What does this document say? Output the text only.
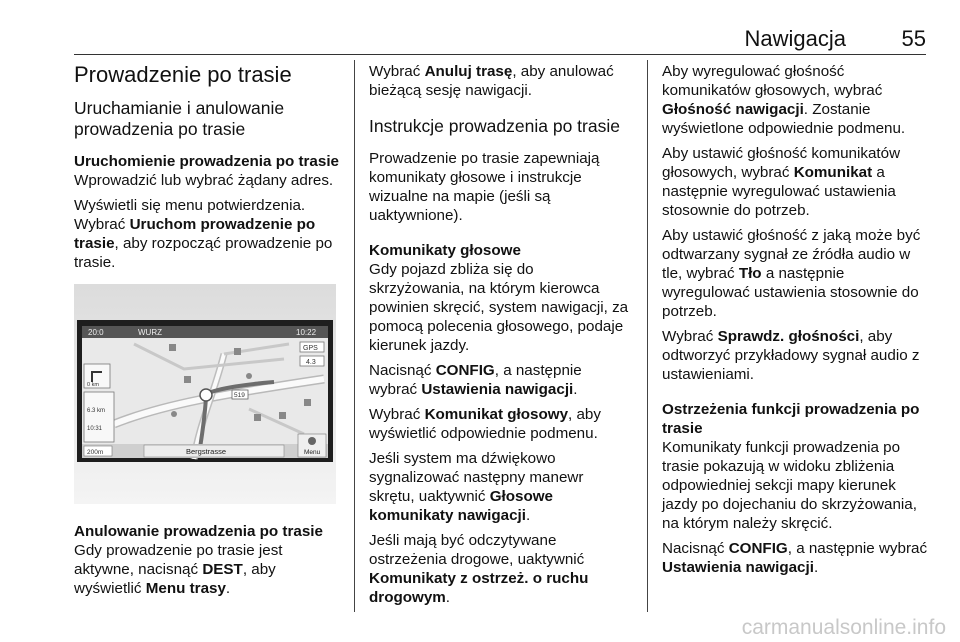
Nawigacja	55
Prowadzenie po trasie
Uruchamianie i anulowanie prowadzenia po trasie
Uruchomienie prowadzenia po trasie

Wprowadzić lub wybrać żądany adres.

Wyświetli się menu potwierdzenia. Wybrać Uruchom prowadzenie po trasie, aby rozpocząć prowadzenie po trasie.

20:0	WURZ	10:22
519
GPS
4.3
0 km
6.3 km
10:31
200m	Bergstrasse	Menu
Anulowanie prowadzenia po trasie

Gdy prowadzenie po trasie jest aktywne, nacisnąć DEST, aby wyświetlić Menu trasy.

Wybrać Anuluj trasę, aby anulować bieżącą sesję nawigacji.

Instrukcje prowadzenia po trasie

Prowadzenie po trasie zapewniają komunikaty głosowe i instrukcje wizualne na mapie (jeśli są uaktywnione).

Komunikaty głosowe

Gdy pojazd zbliża się do skrzyżowania, na którym kierowca powinien skręcić, system nawigacji, za pomocą polecenia głosowego, podaje kierunek jazdy.

Nacisnąć CONFIG, a następnie wybrać Ustawienia nawigacji.

Wybrać Komunikat głosowy, aby wyświetlić odpowiednie podmenu.

Jeśli system ma dźwiękowo sygnalizować następny manewr skrętu, uaktywnić Głosowe komunikaty nawigacji.

Jeśli mają być odczytywane ostrzeżenia drogowe, uaktywnić Komunikaty z ostrzeż. o ruchu drogowym.

Aby wyregulować głośność komunikatów głosowych, wybrać Głośność nawigacji. Zostanie wyświetlone odpowiednie podmenu.

Aby ustawić głośność komunikatów głosowych, wybrać Komunikat a następnie wyregulować ustawienia stosownie do potrzeb.

Aby ustawić głośność z jaką może być odtwarzany sygnał ze źródła audio w tle, wybrać Tło a następnie wyregulować ustawienia stosownie do potrzeb.

Wybrać Sprawdz. głośności, aby odtworzyć przykładowy sygnał audio z ustawieniami.

Ostrzeżenia funkcji prowadzenia po trasie

Komunikaty funkcji prowadzenia po trasie pokazują w widoku zbliżenia odpowiedniej sekcji mapy kierunek jazdy po dojechaniu do skrzyżowania, na którym należy skręcić.

Nacisnąć CONFIG, a następnie wybrać Ustawienia nawigacji.

carmanualsonline.info
